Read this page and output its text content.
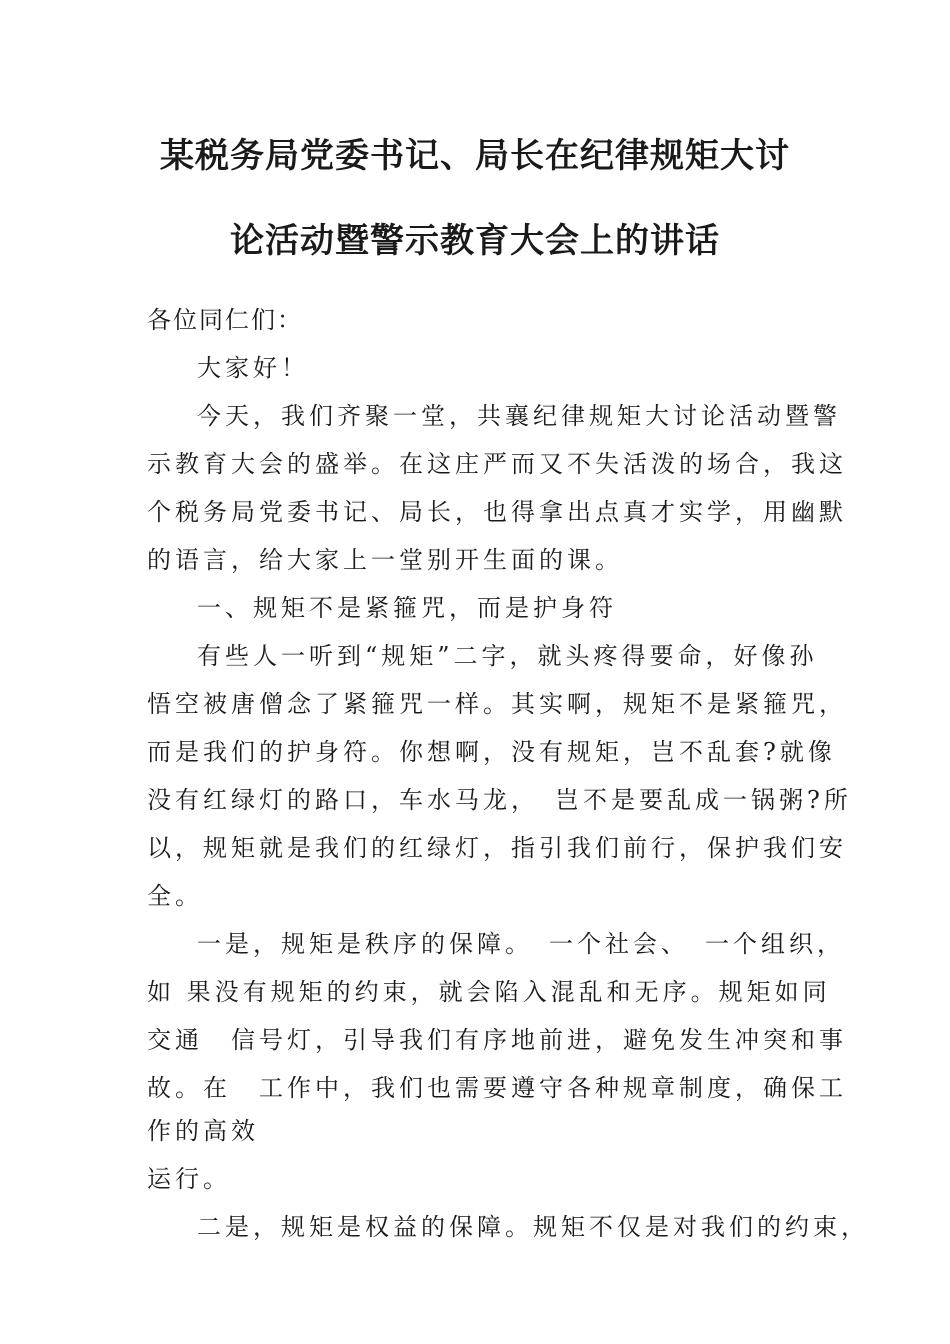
某税务局党委书记、局长在纪律规矩大讨
论活动暨警示教育大会上的讲话
各位同仁们：
大家好！
今天，我们齐聚一堂，共襄纪律规矩大讨论活动暨警
示教育大会的盛举。在这庄严而又不失活泼的场合，我这
个税务局党委书记、局长，也得拿出点真才实学，用幽默
的语言，给大家上一堂别开生面的课。
一、规矩不是紧箍咒，而是护身符
有些人一听到“规矩”二字，就头疼得要命，好像孙
悟空被唐僧念了紧箍咒一样。其实啊，规矩不是紧箍咒，
而是我们的护身符。你想啊，没有规矩，岂不乱套?就像
没有红绿灯的路口，车水马龙，　岂不是要乱成一锅粥?所
以，规矩就是我们的红绿灯，指引我们前行，保护我们安
全。
一是，规矩是秩序的保障。　一个社会、　一个组织，
如 果没有规矩的约束，就会陷入混乱和无序。规矩如同
交通　信号灯，引导我们有序地前进，避免发生冲突和事
故。在　工作中，我们也需要遵守各种规章制度，确保工
作的高效
运行。
二是，规矩是权益的保障。规矩不仅是对我们的约束，
